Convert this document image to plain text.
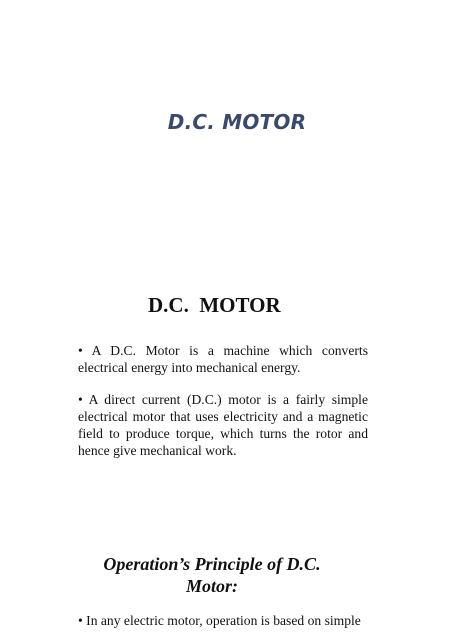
D.C. MOTOR
D.C.  MOTOR
• A D.C. Motor is a machine which converts electrical energy into mechanical energy.
• A direct current (D.C.) motor is a fairly simple electrical motor that uses electricity and a magnetic field to produce torque, which turns the rotor and hence give mechanical work.
Operation’s Principle of D.C.
Motor:
• In any electric motor, operation is based on simple
